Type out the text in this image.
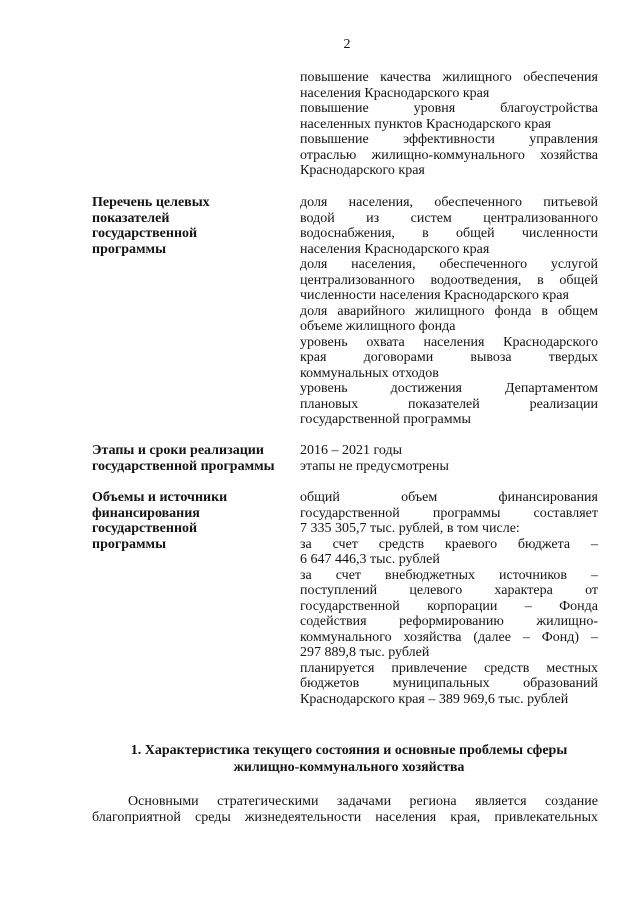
2
повышение качества жилищного обеспечения
населения Краснодарского края
повышение уровня благоустройства
населенных пунктов Краснодарского края
повышение эффективности управления
отраслью жилищно-коммунального хозяйства
Краснодарского края
Перечень целевых
показателей
государственной
программы
доля населения, обеспеченного питьевой
водой из систем централизованного
водоснабжения, в общей численности
населения Краснодарского края
доля населения, обеспеченного услугой
централизованного водоотведения, в общей
численности населения Краснодарского края
доля аварийного жилищного фонда в общем
объеме жилищного фонда
уровень охвата населения Краснодарского
края договорами вывоза твердых
коммунальных отходов
уровень достижения Департаментом
плановых показателей реализации
государственной программы
Этапы и сроки реализации
государственной программы
2016 – 2021 годы
этапы не предусмотрены
Объемы и источники
финансирования
государственной
программы
общий объем финансирования
государственной программы составляет
7 335 305,7 тыс. рублей, в том числе:
за счет средств краевого бюджета –
6 647 446,3 тыс. рублей
за счет внебюджетных источников –
поступлений целевого характера от
государственной корпорации – Фонда
содействия реформированию жилищно-
коммунального хозяйства (далее – Фонд) –
297 889,8 тыс. рублей
планируется привлечение средств местных
бюджетов муниципальных образований
Краснодарского края – 389 969,6 тыс. рублей
1. Характеристика текущего состояния и основные проблемы сферы
жилищно-коммунального хозяйства
Основными стратегическими задачами региона является создание
благоприятной среды жизнедеятельности населения края, привлекательных
